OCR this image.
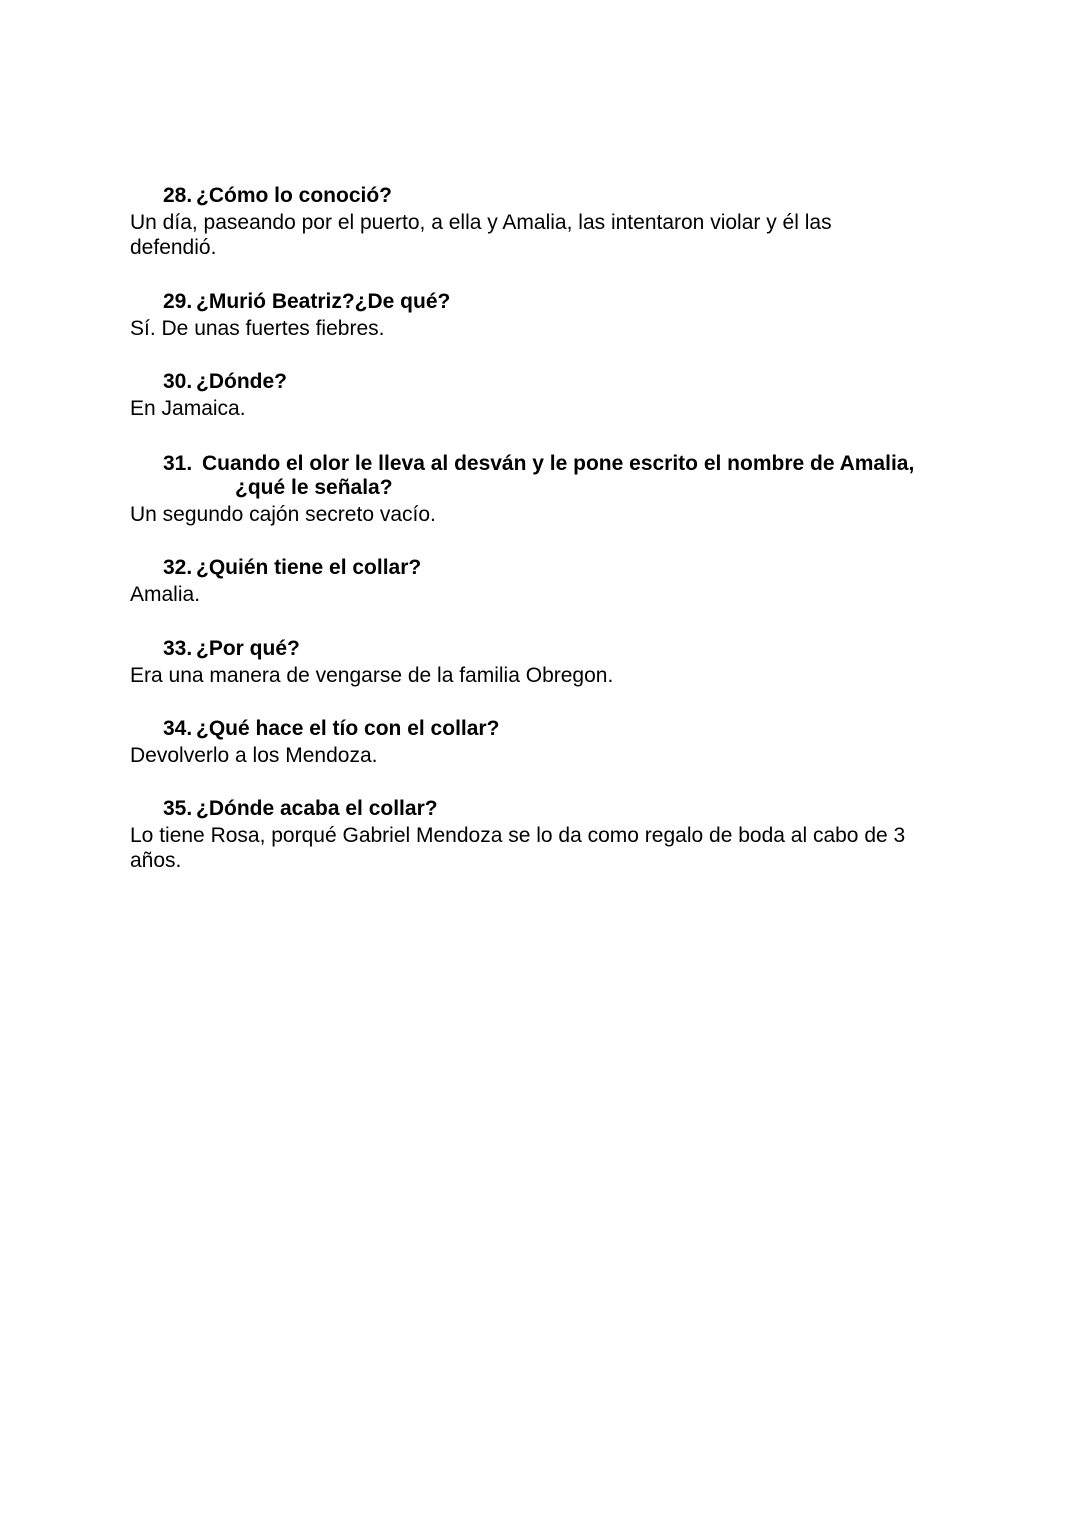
28. ¿Cómo lo conoció?
Un día, paseando por el puerto, a ella y Amalia, las intentaron violar y él las defendió.
29. ¿Murió Beatriz?¿De qué?
Sí. De unas fuertes fiebres.
30. ¿Dónde?
En Jamaica.
31. Cuando el olor le lleva al desván y le pone escrito el nombre de Amalia, ¿qué le señala?
Un segundo cajón secreto vacío.
32. ¿Quién tiene el collar?
Amalia.
33. ¿Por qué?
Era una manera de vengarse de la familia Obregon.
34. ¿Qué hace el tío con el collar?
Devolverlo a los Mendoza.
35. ¿Dónde acaba el collar?
Lo tiene Rosa, porqué Gabriel Mendoza se lo da como regalo de boda al cabo de 3 años.
